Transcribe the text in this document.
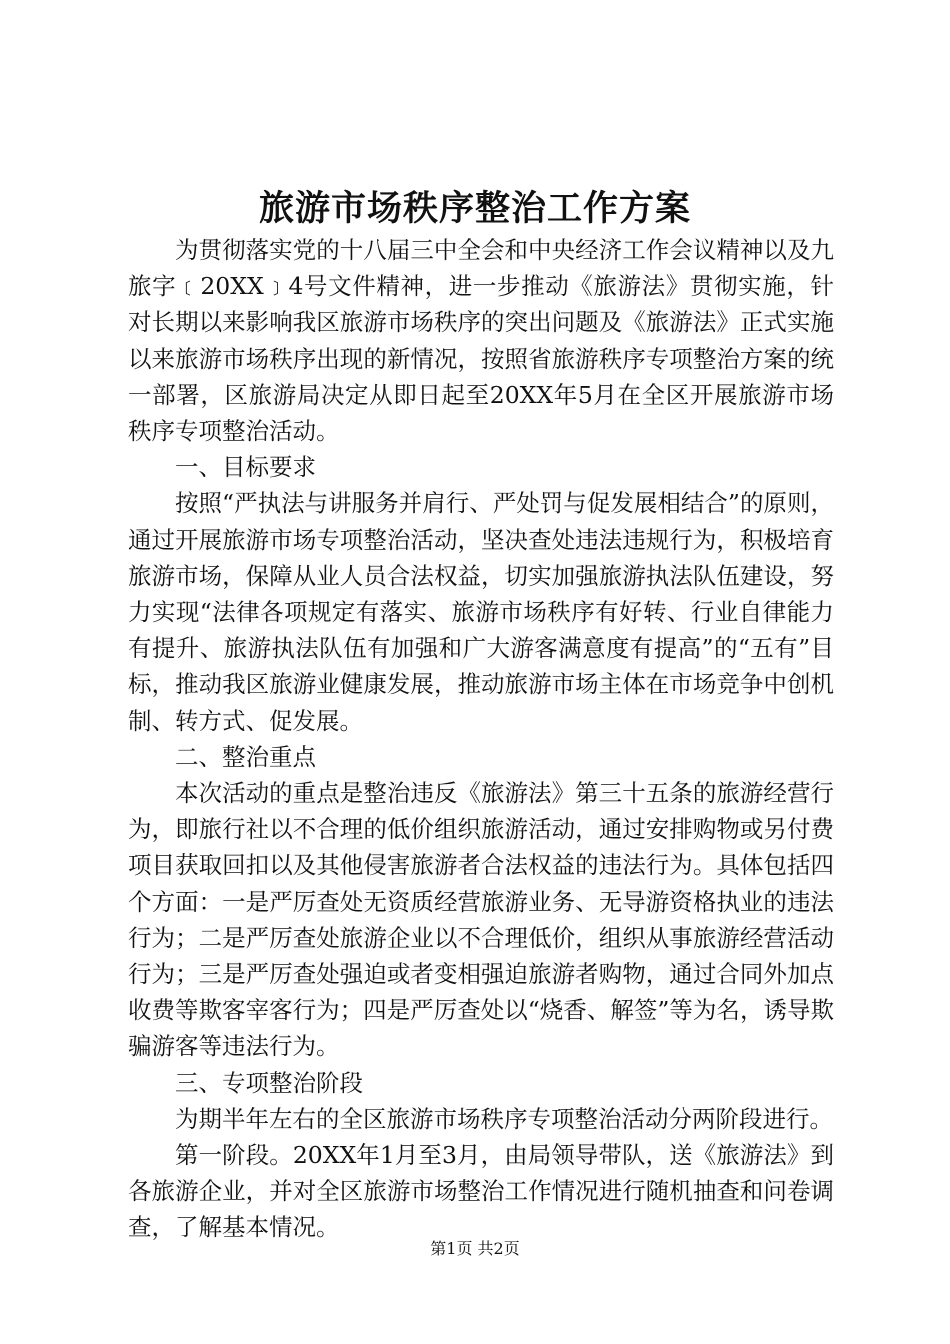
旅游市场秩序整治工作方案

为贯彻落实党的十八届三中全会和中央经济工作会议精神以及九旅字﹝20XX﹞4号文件精神，进一步推动《旅游法》贯彻实施，针对长期以来影响我区旅游市场秩序的突出问题及《旅游法》正式实施以来旅游市场秩序出现的新情况，按照省旅游秩序专项整治方案的统一部署，区旅游局决定从即日起至20XX年5月在全区开展旅游市场秩序专项整治活动。

一、目标要求

按照“严执法与讲服务并肩行、严处罚与促发展相结合”的原则，通过开展旅游市场专项整治活动，坚决查处违法违规行为，积极培育旅游市场，保障从业人员合法权益，切实加强旅游执法队伍建设，努力实现“法律各项规定有落实、旅游市场秩序有好转、行业自律能力有提升、旅游执法队伍有加强和广大游客满意度有提高”的“五有”目标，推动我区旅游业健康发展，推动旅游市场主体在市场竞争中创机制、转方式、促发展。

二、整治重点

本次活动的重点是整治违反《旅游法》第三十五条的旅游经营行为，即旅行社以不合理的低价组织旅游活动，通过安排购物或另付费项目获取回扣以及其他侵害旅游者合法权益的违法行为。具体包括四个方面：一是严厉查处无资质经营旅游业务、无导游资格执业的违法行为；二是严厉查处旅游企业以不合理低价，组织从事旅游经营活动行为；三是严厉查处强迫或者变相强迫旅游者购物，通过合同外加点收费等欺客宰客行为；四是严厉查处以“烧香、解签”等为名，诱导欺骗游客等违法行为。

三、专项整治阶段

为期半年左右的全区旅游市场秩序专项整治活动分两阶段进行。

第一阶段。20XX年1月至3月，由局领导带队，送《旅游法》到各旅游企业，并对全区旅游市场整治工作情况进行随机抽查和问卷调查，了解基本情况。

第1页 共2页
